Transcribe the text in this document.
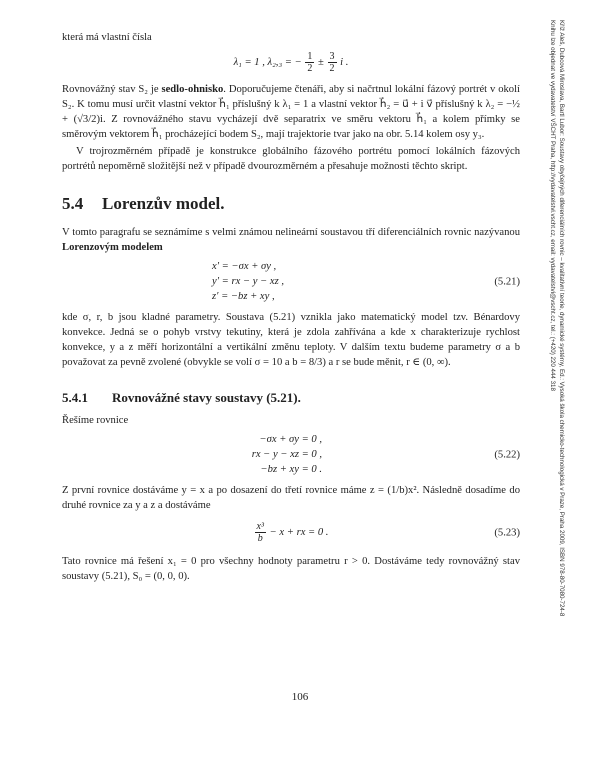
která má vlastní čísla

λ₁ = 1 , λ₂,₃ = − $\frac{1}{2} \pm \frac{3}{2}$ i .

Rovnovážný stav S₂ je sedlo-ohnisko. Doporučujeme čtenáři, aby si načrtnul lokální fázový portrét v okolí S₂. K tomu musí určit vlastní vektor h⃗₁ příslušný k λ₁ = 1 a vlastní vektor h⃗₂ = u⃗ + i v⃗ příslušný k λ₂ = −½ + (√3/2)i. Z rovnovážného stavu vycházejí dvě separatrix ve směru vektoru h⃗₁ a kolem přímky se směrovým vektorem h⃗₁ procházející bodem S₂, mají trajektorie tvar jako na obr. 5.14 kolem osy y₃.

V trojrozměrném případě je konstrukce globálního fázového portrétu pomocí lokálních fázových portrétů nepoměrně složitější než v případě dvourozměrném a přesahuje možnosti těchto skript.

5.4 Lorenzův model.

V tomto paragrafu se seznámíme s velmi známou nelineární soustavou tří diferenciálních rovnic nazývanou Lorenzovým modelem

x′ = −σx + σy ,
y′ = rx − y − xz ,
z′ = −bz + xy ,
(5.21)

kde σ, r, b jsou kladné parametry. Soustava (5.21) vznikla jako matematický model tzv. Bénardovy konvekce. Jedná se o pohyb vrstvy tekutiny, která je zdola zahřívána a kde x charakterizuje rychlost konvekce, y a z měří horizontální a vertikální změnu teploty. V dalším textu budeme parametry σ a b považovat za pevně zvolené (obvykle se volí σ = 10 a b = 8/3) a r se bude měnit, r ∈ (0, ∞).

5.4.1 Rovnovážné stavy soustavy (5.21).

Řešíme rovnice

−σx + σy = 0 ,
rx − y − xz = 0 ,
−bz + xy = 0 .
(5.22)

Z první rovnice dostáváme y = x a po dosazení do třetí rovnice máme z = (1/b)x². Následně dosadíme do druhé rovnice za y a z a dostáváme

$\frac{\text{x³}}{b} - x$ + rx = 0 .	(5.23)

Tato rovnice má řešení x₁ = 0 pro všechny hodnoty parametru r > 0. Dostáváme tedy rovnovážný stav soustavy (5.21), S₀ = (0, 0, 0).

106
Kříž Aleš, Dubcová Miroslava, Bartl Lubor: Soustavy obyčejných diferenciálních rovnic – kvalitativní teorie, dynamické systémy, Ed.: Vysoká škola chemicko-technologická v Praze, Praha 2009, ISBN 978-80-7080-724-8
Knihu lze objednat ve vydavatelství VŠCHT Praha, http://vydavatelstvi.vscht.cz, email: vydavatelstvi@vscht.cz, tel.: (+420) 220 444 318
